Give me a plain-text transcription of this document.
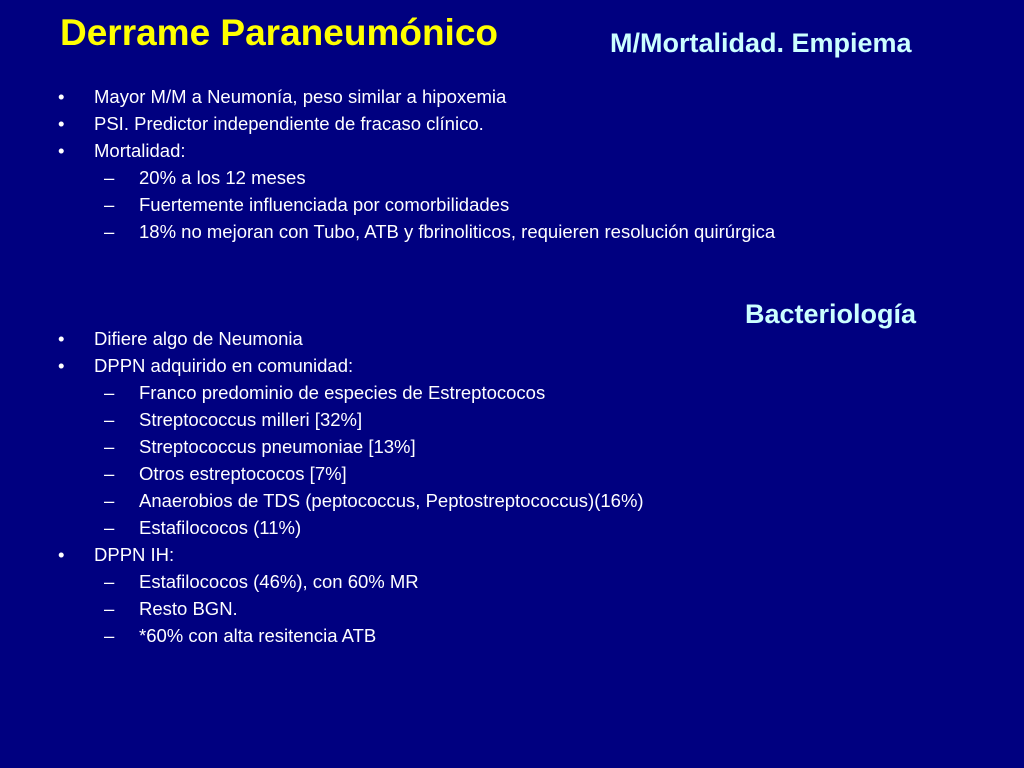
Derrame Paraneumónico	M/Mortalidad. Empiema
Bacteriología
• Mayor M/M a Neumonía, peso similar a hipoxemia
• PSI. Predictor independiente de fracaso clínico.
• Mortalidad:
– 20% a los 12 meses
– Fuertemente influenciada por comorbilidades
– 18% no mejoran con Tubo, ATB y fbrinoliticos, requieren resolución quirúrgica
• Difiere algo de Neumonia
• DPPN adquirido en comunidad:
– Franco predominio de especies de Estreptococos
– Streptococcus milleri [32%]
– Streptococcus pneumoniae [13%]
– Otros estreptococos [7%]
– Anaerobios de TDS (peptococcus, Peptostreptococcus)(16%)
– Estafilococos (11%)
• DPPN IH:
– Estafilococos (46%), con 60% MR
– Resto BGN.
– *60% con alta resitencia ATB
